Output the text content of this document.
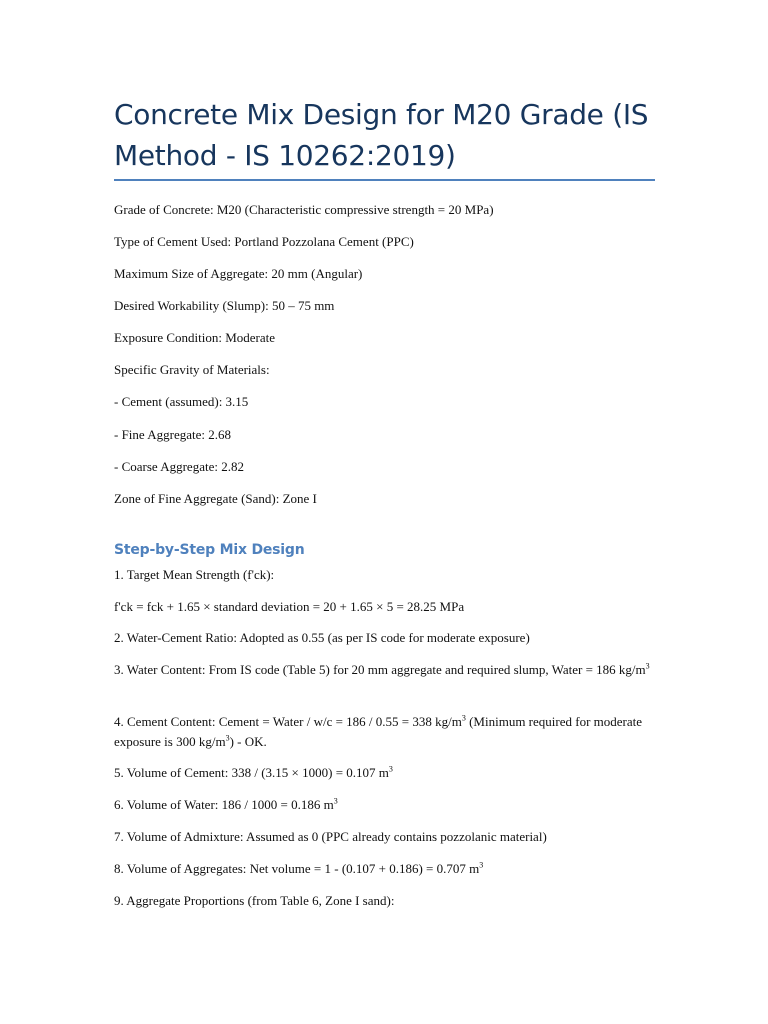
Concrete Mix Design for M20 Grade (IS Method - IS 10262:2019)

Grade of Concrete: M20 (Characteristic compressive strength = 20 MPa)

Type of Cement Used: Portland Pozzolana Cement (PPC)

Maximum Size of Aggregate: 20 mm (Angular)

Desired Workability (Slump): 50 – 75 mm

Exposure Condition: Moderate

Specific Gravity of Materials:

- Cement (assumed): 3.15

- Fine Aggregate: 2.68

- Coarse Aggregate: 2.82

Zone of Fine Aggregate (Sand): Zone I

Step-by-Step Mix Design

1. Target Mean Strength (f'ck):

f'ck = fck + 1.65 × standard deviation = 20 + 1.65 × 5 = 28.25 MPa

2. Water-Cement Ratio: Adopted as 0.55 (as per IS code for moderate exposure)

3. Water Content: From IS code (Table 5) for 20 mm aggregate and required slump, Water = 186 $kg/m^3$

4. Cement Content: Cement = Water / w/c = 186 / 0.55 = 338 $kg/m^3$ (Minimum required for moderate exposure is 300 $kg/m^3$) - OK.

5. Volume of Cement: 338 / (3.15 × 1000) = 0.107 $m^3$

6. Volume of Water: 186 / 1000 = 0.186 $m^3$

7. Volume of Admixture: Assumed as 0 (PPC already contains pozzolanic material)

8. Volume of Aggregates: Net volume = 1 - (0.107 + 0.186) = 0.707 $m^3$

9. Aggregate Proportions (from Table 6, Zone I sand):
